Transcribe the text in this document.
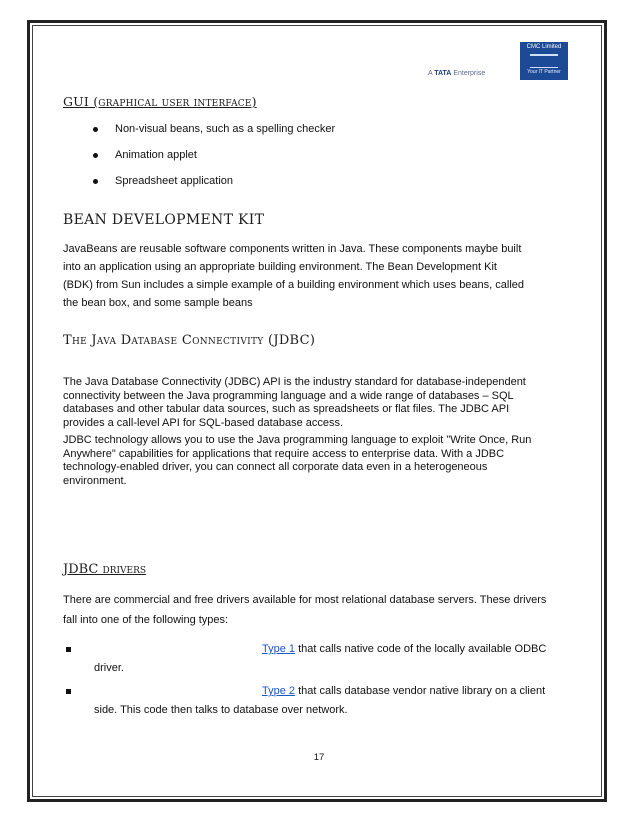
A TATA Enterprise
CMC Limited
Your IT Partner
GUI (graphical user interface)
Non-visual beans, such as a spelling checker
Animation applet
Spreadsheet application
BEAN DEVELOPMENT KIT
JavaBeans are reusable software components written in Java. These components maybe built
into an application using an appropriate building environment. The Bean Development Kit
(BDK) from Sun includes a simple example of a building environment which uses beans, called
the bean box, and some sample beans
The Java Database Connectivity (JDBC)
The Java Database Connectivity (JDBC) API is the industry standard for database-independent
connectivity between the Java programming language and a wide range of databases – SQL
databases and other tabular data sources, such as spreadsheets or flat files. The JDBC API
provides a call-level API for SQL-based database access.
JDBC technology allows you to use the Java programming language to exploit "Write Once, Run
Anywhere" capabilities for applications that require access to enterprise data. With a JDBC
technology-enabled driver, you can connect all corporate data even in a heterogeneous
environment.
JDBC drivers
There are commercial and free drivers available for most relational database servers. These drivers
fall into one of the following types:
Type 1 that calls native code of the locally available ODBC
driver.
Type 2 that calls database vendor native library on a client
side. This code then talks to database over network.
17
